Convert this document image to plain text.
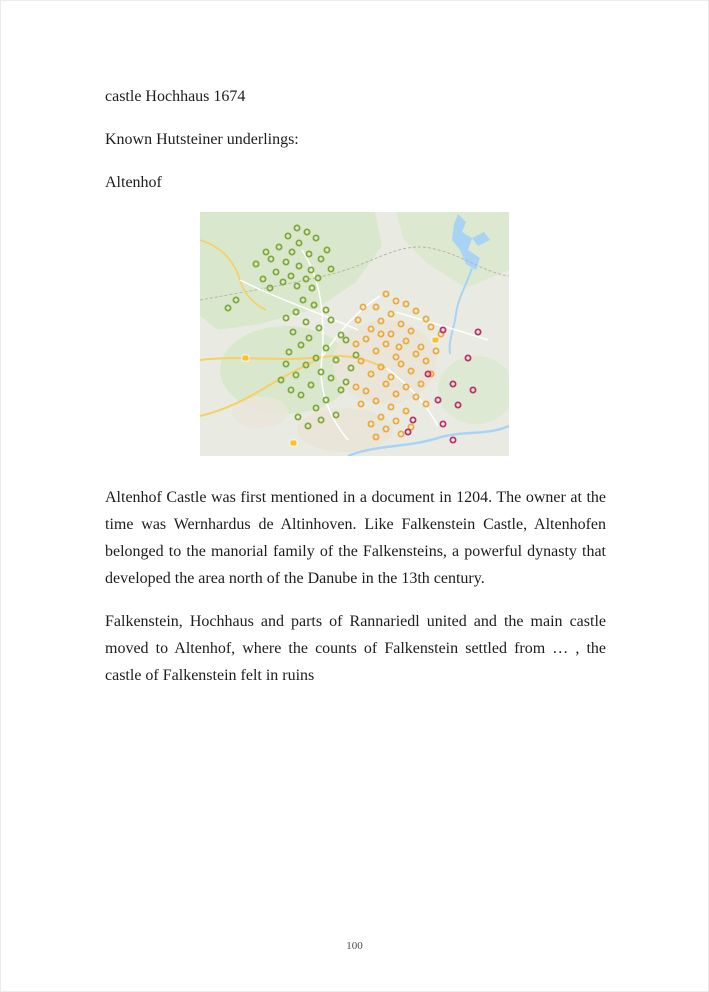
castle Hochhaus 1674

Known Hutsteiner underlings:

Altenhof

Altenhof Castle was first mentioned in a document in 1204. The owner at the time was Wernhardus de Altinhoven. Like Falkenstein Castle, Altenhofen belonged to the manorial family of the Falkensteins, a powerful dynasty that developed the area north of the Danube in the 13th century.

Falkenstein, Hochhaus and parts of Rannariedl united and the main castle moved to Altenhof, where the counts of Falkenstein settled from … , the castle of Falkenstein felt in ruins

100
